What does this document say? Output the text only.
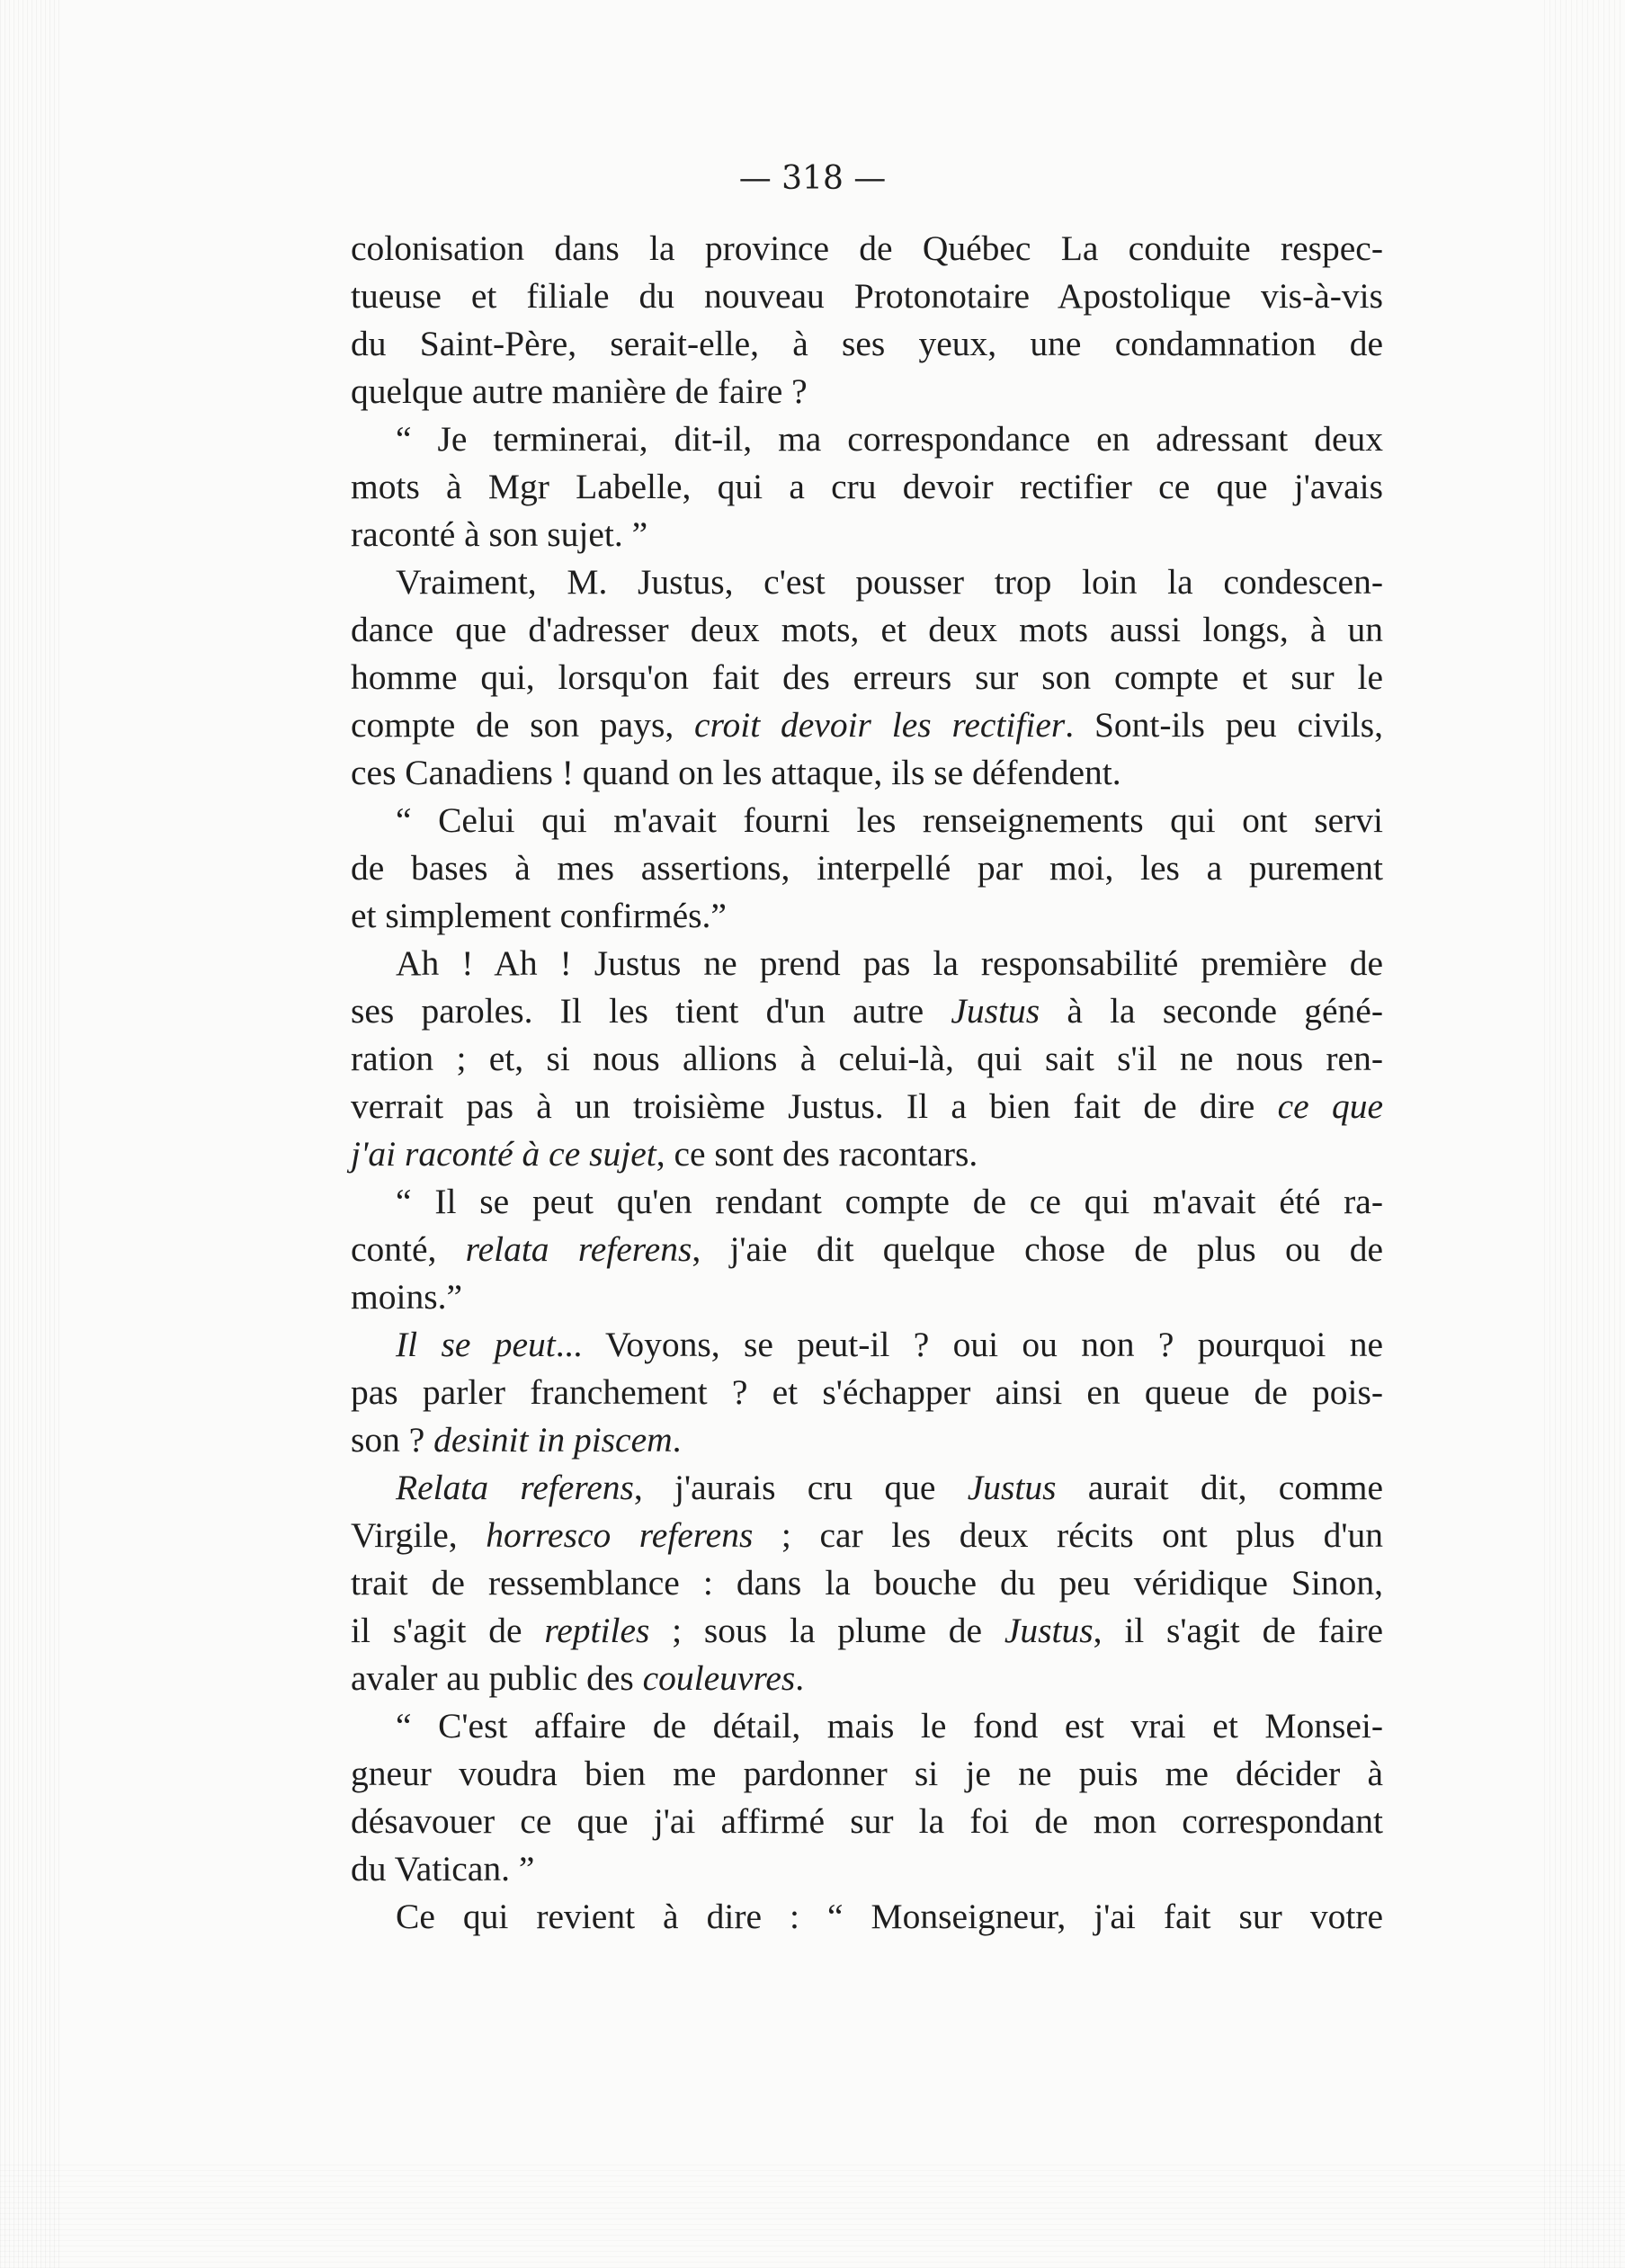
— 318 —
colonisation dans la province de Québec La conduite respec-
tueuse et filiale du nouveau Protonotaire Apostolique vis-à-vis
du Saint-Père, serait-elle, à ses yeux, une condamnation de
quelque autre manière de faire ?
“ Je terminerai, dit-il, ma correspondance en adressant deux
mots à Mgr Labelle, qui a cru devoir rectifier ce que j'avais
raconté à son sujet. ”
Vraiment, M. Justus, c'est pousser trop loin la condescen-
dance que d'adresser deux mots, et deux mots aussi longs, à un
homme qui, lorsqu'on fait des erreurs sur son compte et sur le
compte de son pays, croit devoir les rectifier. Sont-ils peu civils,
ces Canadiens ! quand on les attaque, ils se défendent.
“ Celui qui m'avait fourni les renseignements qui ont servi
de bases à mes assertions, interpellé par moi, les a purement
et simplement confirmés.”
Ah ! Ah ! Justus ne prend pas la responsabilité première de
ses paroles. Il les tient d'un autre Justus à la seconde géné-
ration ; et, si nous allions à celui-là, qui sait s'il ne nous ren-
verrait pas à un troisième Justus. Il a bien fait de dire ce que
j'ai raconté à ce sujet, ce sont des racontars.
“ Il se peut qu'en rendant compte de ce qui m'avait été ra-
conté, relata referens, j'aie dit quelque chose de plus ou de
moins.”
Il se peut... Voyons, se peut-il ? oui ou non ? pourquoi ne
pas parler franchement ? et s'échapper ainsi en queue de pois-
son ? desinit in piscem.
Relata referens, j'aurais cru que Justus aurait dit, comme
Virgile, horresco referens ; car les deux récits ont plus d'un
trait de ressemblance : dans la bouche du peu véridique Sinon,
il s'agit de reptiles ; sous la plume de Justus, il s'agit de faire
avaler au public des couleuvres.
“ C'est affaire de détail, mais le fond est vrai et Monsei-
gneur voudra bien me pardonner si je ne puis me décider à
désavouer ce que j'ai affirmé sur la foi de mon correspondant
du Vatican. ”
Ce qui revient à dire : “ Monseigneur, j'ai fait sur votre
